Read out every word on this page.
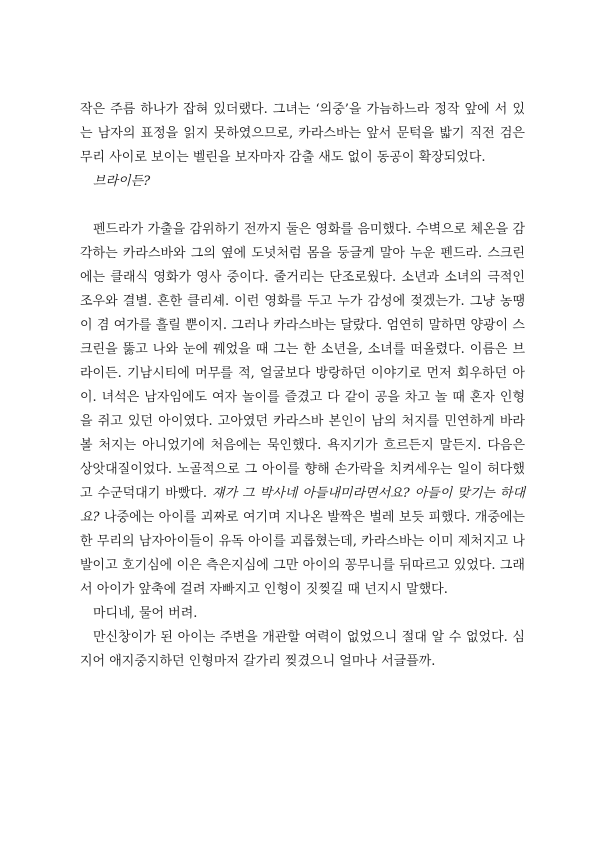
작은 주름 하나가 잡혀 있더랬다. 그녀는 ‘의중’을 가늠하느라 정작 앞에 서 있는 남자의 표정을 읽지 못하였으므로, 카라스바는 앞서 문턱을 밟기 직전 검은 무리 사이로 보이는 벨린을 보자마자 감출 새도 없이 동공이 확장되었다.

브라이든?

펜드라가 가출을 감위하기 전까지 둘은 영화를 음미했다. 수벽으로 체온을 감각하는 카라스바와 그의 옆에 도넛처럼 몸을 둥글게 말아 누운 펜드라. 스크린에는 클래식 영화가 영사 중이다. 줄거리는 단조로웠다. 소년과 소녀의 극적인 조우와 결별. 흔한 클리셰. 이런 영화를 두고 누가 감성에 젖겠는가. 그냥 농땡이 겸 여가를 흘릴 뿐이지. 그러나 카라스바는 달랐다. 엄연히 말하면 양광이 스크린을 뚫고 나와 눈에 꿰었을 때 그는 한 소년을, 소녀를 떠올렸다. 이름은 브라이든. 기남시티에 머무를 적, 얼굴보다 방랑하던 이야기로 먼저 회우하던 아이. 녀석은 남자임에도 여자 놀이를 즐겼고 다 같이 공을 차고 놀 때 혼자 인형을 쥐고 있던 아이였다. 고아였던 카라스바 본인이 남의 처지를 민연하게 바라볼 처지는 아니었기에 처음에는 묵인했다. 욕지기가 흐르든지 말든지. 다음은 상앗대질이었다. 노골적으로 그 아이를 향해 손가락을 치켜세우는 일이 허다했고 수군덕대기 바빴다. 쟤가 그 박사네 아들내미라면서요? 아들이 맞기는 하대요? 나중에는 아이를 괴짜로 여기며 지나온 발짝은 벌레 보듯 피했다. 개중에는 한 무리의 남자아이들이 유독 아이를 괴롭혔는데, 카라스바는 이미 제처지고 나발이고 호기심에 이은 측은지심에 그만 아이의 꽁무니를 뒤따르고 있었다. 그래서 아이가 앞축에 걸려 자빠지고 인형이 짓찢길 때 넌지시 말했다.

마디네, 물어 버려.

만신창이가 된 아이는 주변을 개관할 여력이 없었으니 절대 알 수 없었다. 심지어 애지중지하던 인형마저 갈가리 찢겼으니 얼마나 서글플까.
